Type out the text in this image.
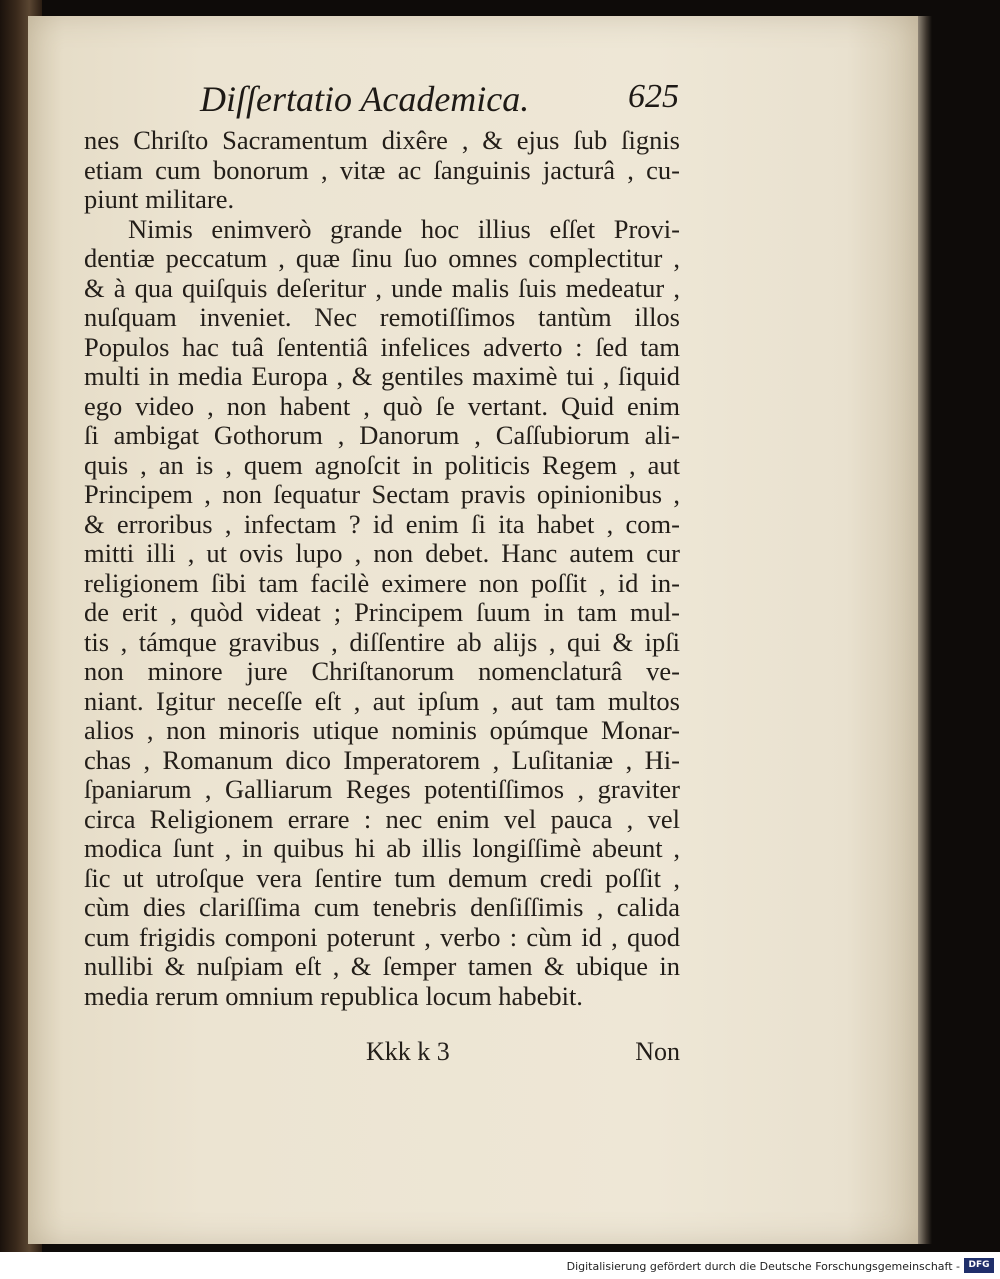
Diſſertatio Academica.	625
nes Chriſto Sacramentum dixêre , & ejus ſub ſignis
etiam cum bonorum , vitæ ac ſanguinis jacturâ , cu-
piunt militare.
Nimis enimverò grande hoc illius eſſet Provi-
dentiæ peccatum , quæ ſinu ſuo omnes complectitur ,
& à qua quiſquis deſeritur , unde malis ſuis medeatur ,
nuſquam inveniet. Nec remotiſſimos tantùm illos
Populos hac tuâ ſententiâ infelices adverto : ſed tam
multi in media Europa , & gentiles maximè tui , ſiquid
ego video , non habent , quò ſe vertant. Quid enim
ſi ambigat Gothorum , Danorum , Caſſubiorum ali-
quis , an is , quem agnoſcit in politicis Regem , aut
Principem , non ſequatur Sectam pravis opinionibus ,
& erroribus , infectam ? id enim ſi ita habet , com-
mitti illi , ut ovis lupo , non debet. Hanc autem cur
religionem ſibi tam facilè eximere non poſſit , id in-
de erit , quòd videat ; Principem ſuum in tam mul-
tis , támque gravibus , diſſentire ab alijs , qui & ipſi
non minore jure Chriſtanorum nomenclaturâ ve-
niant. Igitur neceſſe eſt , aut ipſum , aut tam multos
alios , non minoris utique nominis opúmque Monar-
chas , Romanum dico Imperatorem , Luſitaniæ , Hi-
ſpaniarum , Galliarum Reges potentiſſimos , graviter
circa Religionem errare : nec enim vel pauca , vel
modica ſunt , in quibus hi ab illis longiſſimè abeunt ,
ſic ut utroſque vera ſentire tum demum credi poſſit ,
cùm dies clariſſima cum tenebris denſiſſimis , calida
cum frigidis componi poterunt , verbo : cùm id , quod
nullibi & nuſpiam eſt , & ſemper tamen & ubique in
media rerum omnium republica locum habebit.
Kkk k 3	Non
Digitalisierung gefördert durch die Deutsche Forschungsgemeinschaft - DFG
